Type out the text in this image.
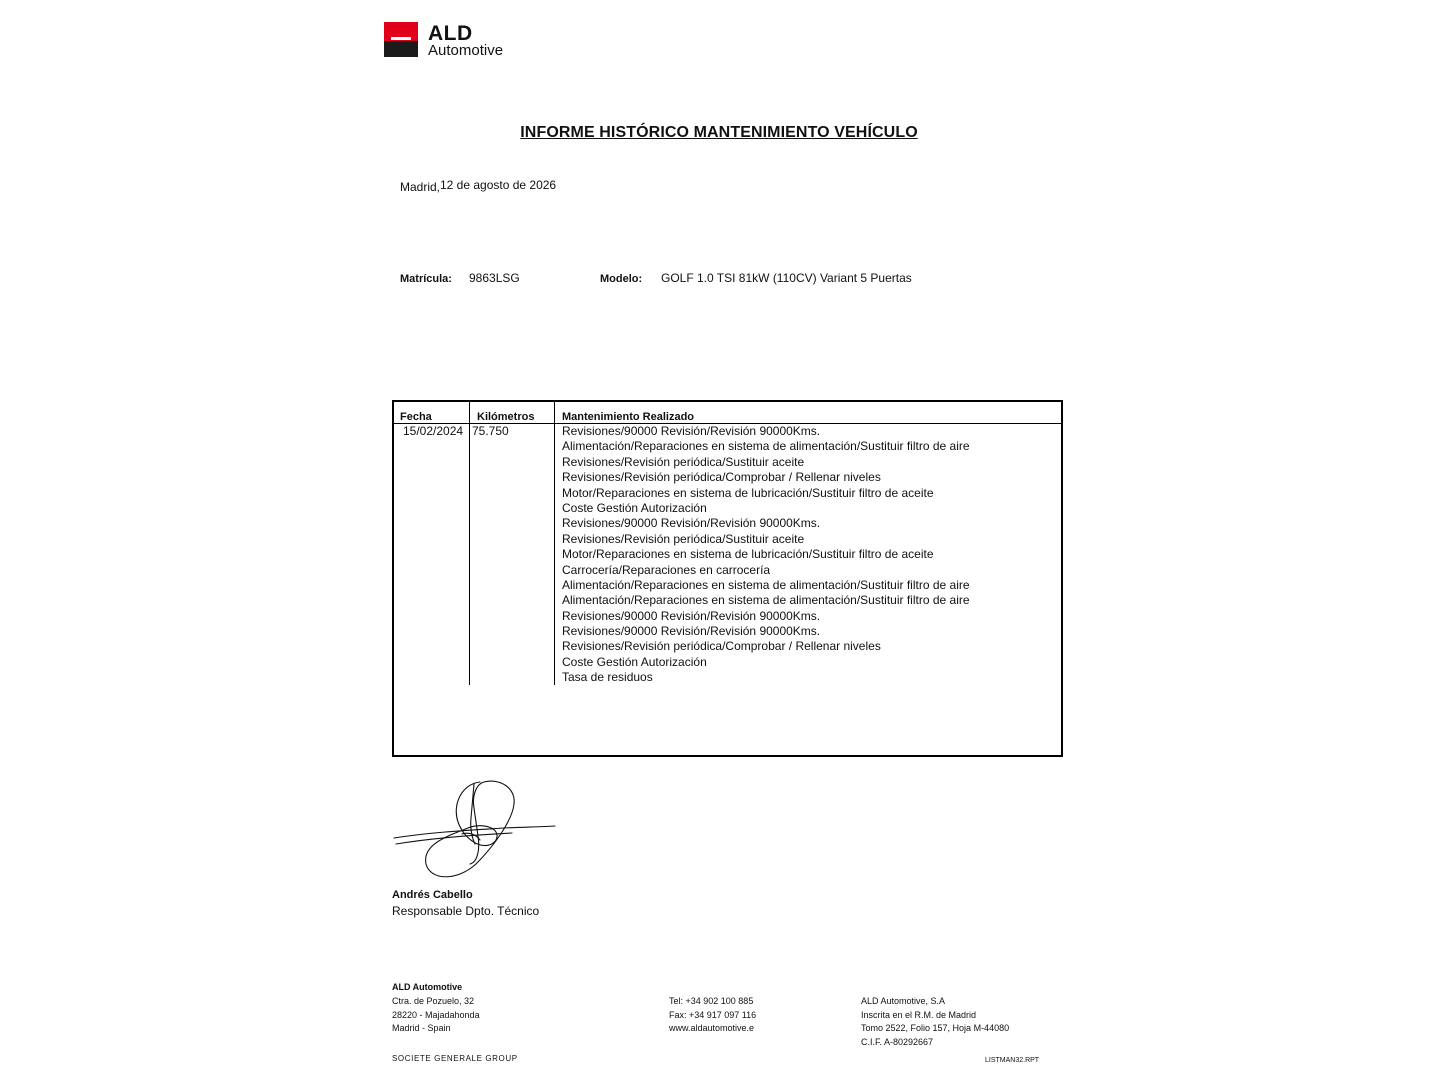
ALD
Automotive
INFORME HISTÓRICO MANTENIMIENTO VEHÍCULO
Madrid, 12 de agosto de 2026
Matrícula: 9863LSG	Modelo: GOLF 1.0 TSI 81kW (110CV) Variant 5 Puertas
Fecha	Kilómetros	Mantenimiento Realizado
15/02/2024 75.750	Revisiones/90000 Revisión/Revisión 90000Kms.
Alimentación/Reparaciones en sistema de alimentación/Sustituir filtro de aire
Revisiones/Revisión periódica/Sustituir aceite
Revisiones/Revisión periódica/Comprobar / Rellenar niveles
Motor/Reparaciones en sistema de lubricación/Sustituir filtro de aceite
Coste Gestión Autorización
Revisiones/90000 Revisión/Revisión 90000Kms.
Revisiones/Revisión periódica/Sustituir aceite
Motor/Reparaciones en sistema de lubricación/Sustituir filtro de aceite
Carrocería/Reparaciones en carrocería
Alimentación/Reparaciones en sistema de alimentación/Sustituir filtro de aire
Alimentación/Reparaciones en sistema de alimentación/Sustituir filtro de aire
Revisiones/90000 Revisión/Revisión 90000Kms.
Revisiones/90000 Revisión/Revisión 90000Kms.
Revisiones/Revisión periódica/Comprobar / Rellenar niveles
Coste Gestión Autorización
Tasa de residuos
Andrés Cabello
Responsable Dpto. Técnico
ALD Automotive
Ctra. de Pozuelo, 32
28220 - Majadahonda
Madrid - Spain
Tel: +34 902 100 885
Fax: +34 917 097 116
www.aldautomotive.e
ALD Automotive, S.A
Inscrita en el R.M. de Madrid
Tomo 2522, Folio 157, Hoja M-44080
C.I.F. A-80292667
SOCIETE GENERALE GROUP	LISTMAN32.RPT
